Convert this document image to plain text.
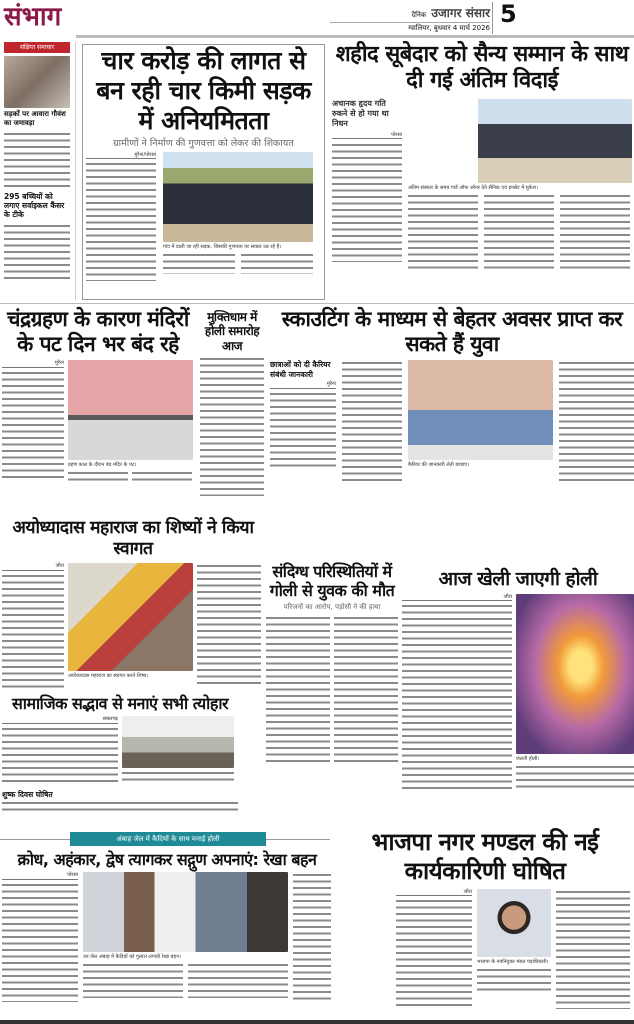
संभाग	दैनिक उजागर संसार
ग्वालियर, बुधवार 4 मार्च 2026
5
संक्षिप्त समाचार
सड़कों पर आवारा गौवंश का जमावड़ा
295 बच्चियों को लगाए सर्वाइकल कैंसर के टीके
चार करोड़ की लागत से बन रही चार किमी सड़क में अनियमितता
ग्रामीणों ने निर्माण की गुणवत्ता को लेकर की शिकायत
मुरैना/पोरसा
गांव में डाली जा रही सड़क, जिसकी गुणवत्ता पर सवाल उठ रहे हैं।
शहीद सूबेदार को सैन्य सम्मान के साथ दी गई अंतिम विदाई
अचानक हृदय गति रुकने से हो गया था निधन
पोरसा
अंतिम संस्कार के समय गार्ड ऑफ ऑनर देते सैनिक एवं इनसेट में मुकेश।
चंद्रग्रहण के कारण मंदिरों के पट दिन भर बंद रहे
मुरैना
ग्रहण काल के दौरान बंद मंदिर के पट।
मुक्तिधाम में होली समारोह आज
स्काउटिंग के माध्यम से बेहतर अवसर प्राप्त कर सकते हैं युवा
छात्राओं को दी कैरियर संबंधी जानकारी
मुरैना
कैरियर की जानकारी लेती छात्राएं।
अयोध्यादास महाराज का शिष्यों ने किया स्वागत
जौरा
अयोध्यादास महाराज का स्वागत करते शिष्य।
संदिग्ध परिस्थितियों में गोली से युवक की मौत
परिजनों का आरोप, पड़ोसी ने की हत्या
आज खेली जाएगी होली
जौरा
जलती होली।
सामाजिक सद्भाव से मनाएं सभी त्योहार
सबलगढ़
अंबाह जेल में कैदियों के साथ मनाई होली
क्रोध, अहंकार, द्वेष त्यागकर सद्गुण अपनाएं: रेखा बहन
पोरसा
उप जेल अंबाह में कैदियों को गुलाल लगाती रेखा बहन।
भाजपा नगर मण्डल की नई कार्यकारिणी घोषित
जौरा
भाजपा के नवनियुक्त मंडल पदाधिकारी।
शुष्क दिवस घोषित
